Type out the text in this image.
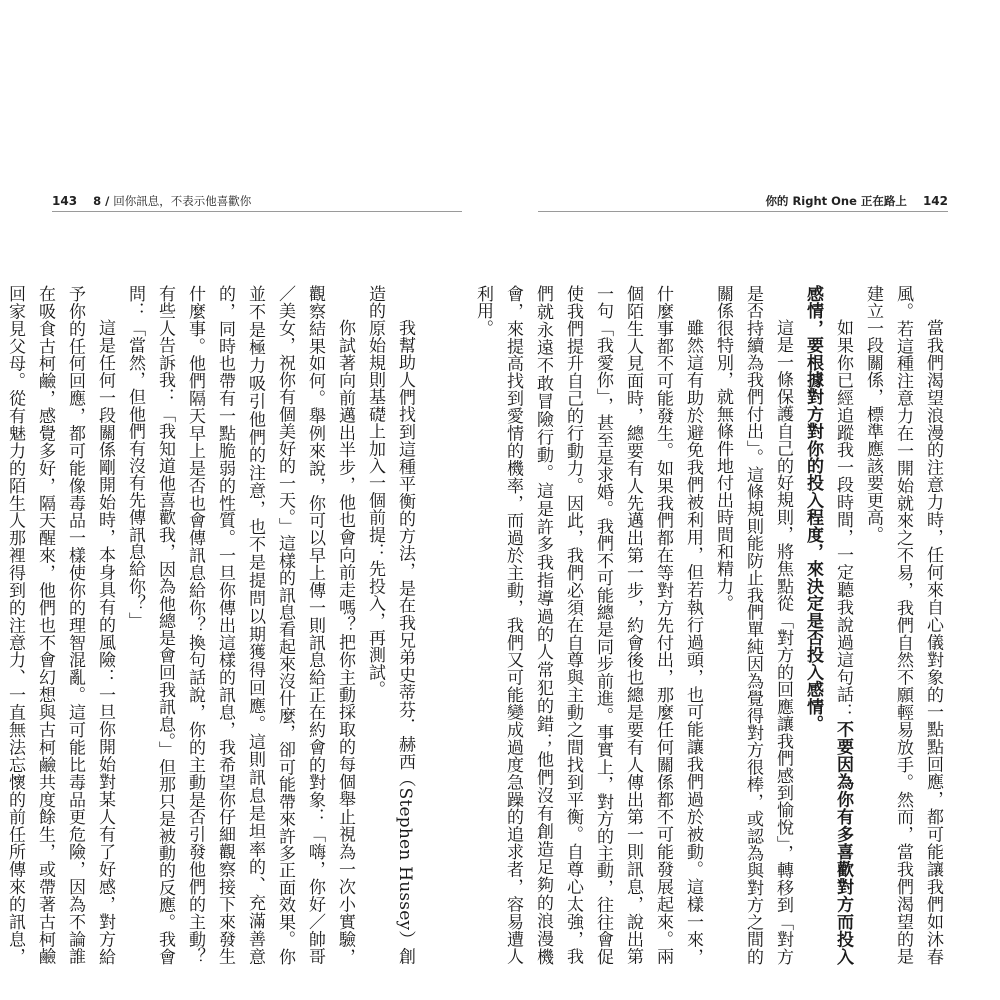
143 8 / 回你訊息，不表示他喜歡你	你的 Right One 正在路上 142

我幫助人們找到這種平衡的方法，是在我兄弟史蒂芬．赫西（Stephen Hussey）創造的原始規則基礎上加入一個前提：先投入，再測試。

你試著向前邁出半步，他也會向前走嗎？把你主動採取的每個舉止視為一次小實驗，觀察結果如何。舉例來說，你可以早上傳一則訊息給正在約會的對象：「嗨，你好／帥哥／美女，祝你有個美好的一天。」這樣的訊息看起來沒什麼，卻可能帶來許多正面效果。你並不是極力吸引他們的注意，也不是提問以期獲得回應。這則訊息是坦率的、充滿善意的，同時也帶有一點脆弱的性質。一旦你傳出這樣的訊息，我希望你仔細觀察接下來發生什麼事。他們隔天早上是否也會傳訊息給你？換句話說，你的主動是否引發他們的主動？有些人告訴我：「我知道他喜歡我，因為他總是會回我訊息。」但那只是被動的反應。我會問：「當然，但他們有沒有先傳訊息給你？」

這是任何一段關係剛開始時，本身具有的風險：一旦你開始對某人有了好感，對方給予你的任何回應，都可能像毒品一樣使你的理智混亂。這可能比毒品更危險，因為不論誰在吸食古柯鹼，感覺多好，隔天醒來，他們也不會幻想與古柯鹼共度餘生，或帶著古柯鹼回家見父母。從有魅力的陌生人那裡得到的注意力、一直無法忘懷的前任所傳來的訊息，	當我們渴望浪漫的注意力時，任何來自心儀對象的一點點回應，都可能讓我們如沐春風。若這種注意力在一開始就來之不易，我們自然不願輕易放手。然而，當我們渴望的是建立一段關係，標準應該要更高。

如果你已經追蹤我一段時間，一定聽我說過這句話：不要因為你有多喜歡對方而投入感情，要根據對方對你的投入程度，來決定是否投入感情。

這是一條保護自己的好規則，將焦點從「對方的回應讓我們感到愉悅」，轉移到「對方是否持續為我們付出」。這條規則能防止我們單純因為覺得對方很棒，或認為與對方之間的關係很特別，就無條件地付出時間和精力。

雖然這有助於避免我們被利用，但若執行過頭，也可能讓我們過於被動。這樣一來，什麼事都不可能發生。如果我們都在等對方先付出，那麼任何關係都不可能發展起來。兩個陌生人見面時，總要有人先邁出第一步，約會後也總是要有人傳出第一則訊息，說出第一句「我愛你」，甚至是求婚。我們不可能總是同步前進。事實上，對方的主動，往往會促使我們提升自己的行動力。因此，我們必須在自尊與主動之間找到平衡。自尊心太強，我們就永遠不敢冒險行動。這是許多我指導過的人常犯的錯；他們沒有創造足夠的浪漫機會，來提高找到愛情的機率，而過於主動，我們又可能變成過度急躁的追求者，容易遭人利用。
